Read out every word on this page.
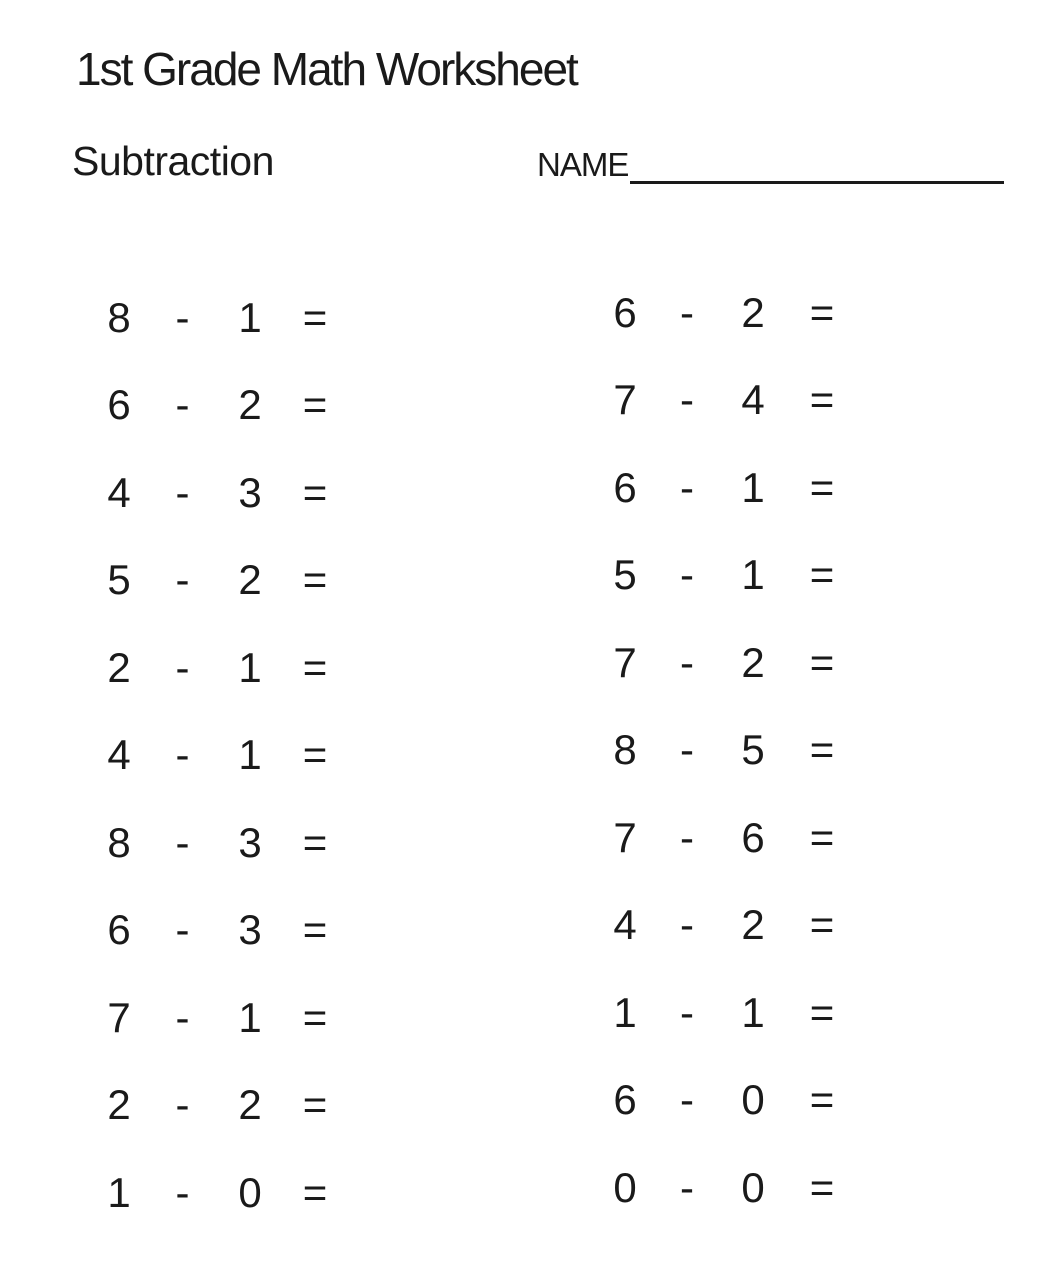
1st Grade Math Worksheet
Subtraction	NAME
8	-	1 =
6	-	2 =
4	-	3 =
5	-	2 =
2	-	1 =
4	-	1 =
8	-	3 =
6	-	3 =
7	-	1 =
2	-	2 =
1	-	0 =
6	-	2	=
7	-	4	=
6	-	1	=
5	-	1	=
7	-	2	=
8	-	5	=
7	-	6	=
4	-	2	=
1	-	1	=
6	-	0	=
0	-	0	=
